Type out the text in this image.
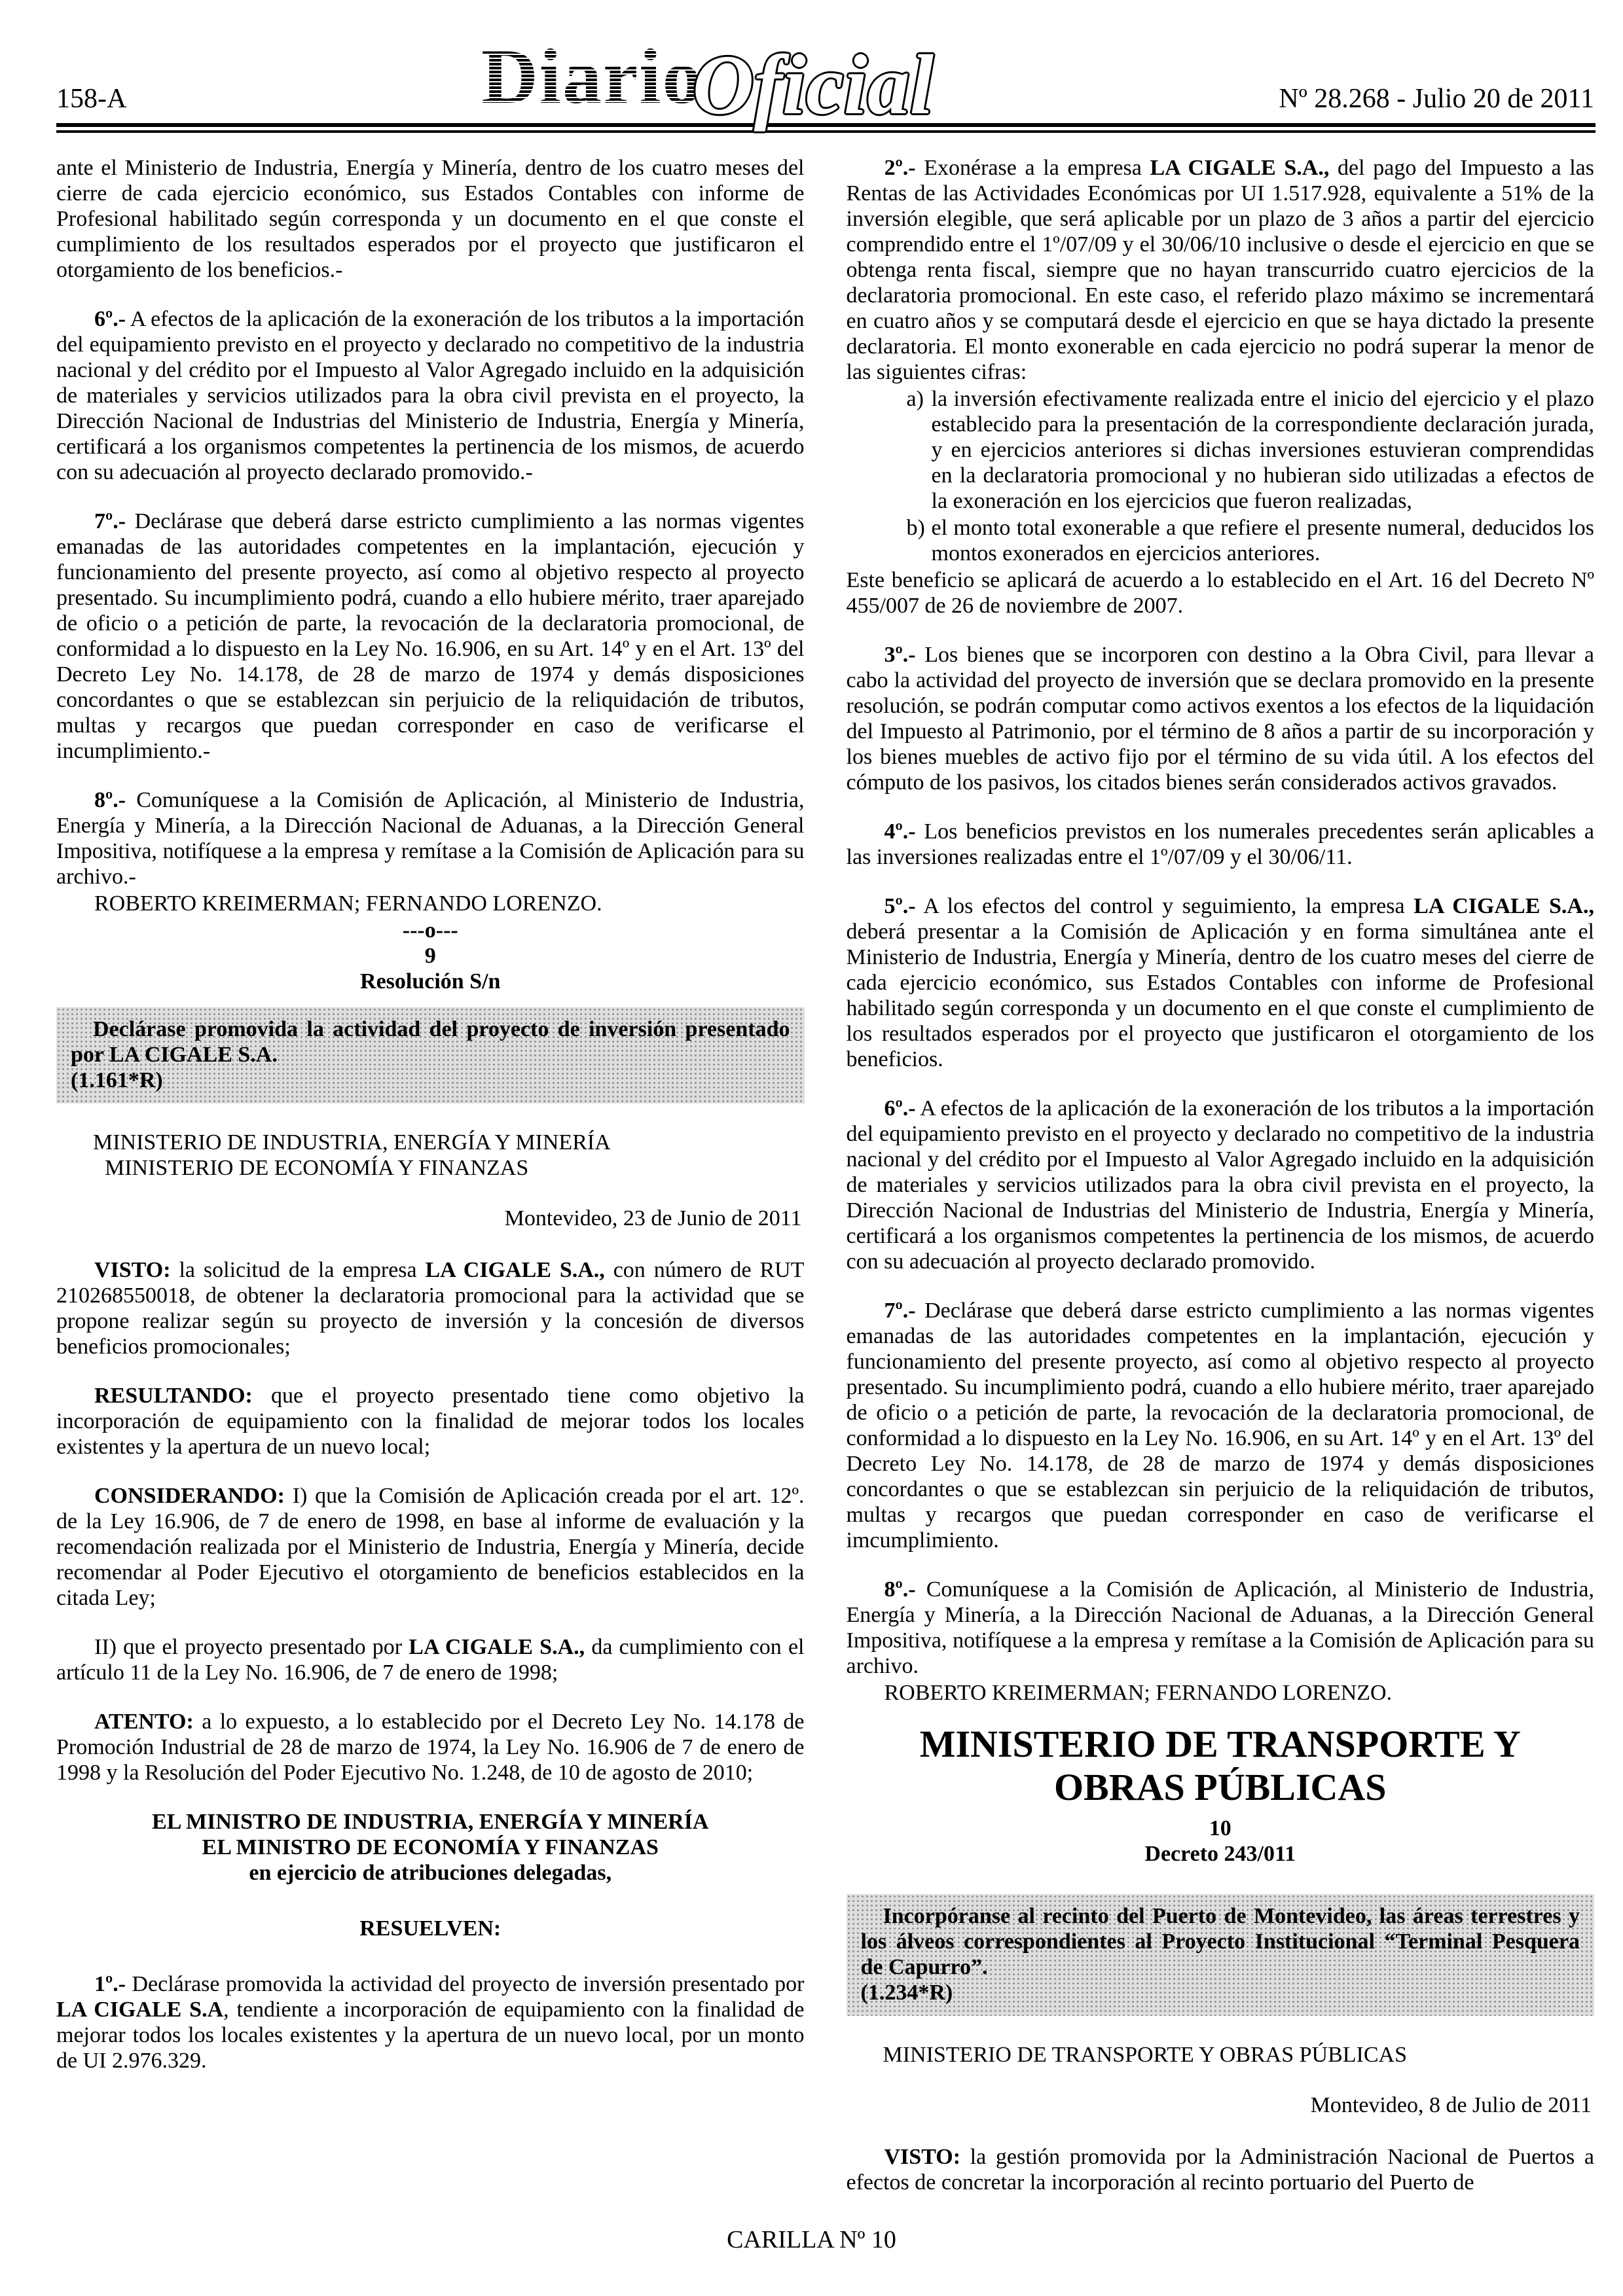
158-A	DiarioOficial	Nº 28.268 - Julio 20 de 2011
ante el Ministerio de Industria, Energía y Minería, dentro de los cuatro meses del cierre de cada ejercicio económico, sus Estados Contables con informe de Profesional habilitado según corresponda y un documento en el que conste el cumplimiento de los resultados esperados por el proyecto que justificaron el otorgamiento de los beneficios.-
6º.- A efectos de la aplicación de la exoneración de los tributos a la importación del equipamiento previsto en el proyecto y declarado no competitivo de la industria nacional y del crédito por el Impuesto al Valor Agregado incluido en la adquisición de materiales y servicios utilizados para la obra civil prevista en el proyecto, la Dirección Nacional de Industrias del Ministerio de Industria, Energía y Minería, certificará a los organismos competentes la pertinencia de los mismos, de acuerdo con su adecuación al proyecto declarado promovido.-
7º.- Declárase que deberá darse estricto cumplimiento a las normas vigentes emanadas de las autoridades competentes en la implantación, ejecución y funcionamiento del presente proyecto, así como al objetivo respecto al proyecto presentado. Su incumplimiento podrá, cuando a ello hubiere mérito, traer aparejado de oficio o a petición de parte, la revocación de la declaratoria promocional, de conformidad a lo dispuesto en la Ley No. 16.906, en su Art. 14º y en el Art. 13º del Decreto Ley No. 14.178, de 28 de marzo de 1974 y demás disposiciones concordantes o que se establezcan sin perjuicio de la reliquidación de tributos, multas y recargos que puedan corresponder en caso de verificarse el incumplimiento.-
8º.- Comuníquese a la Comisión de Aplicación, al Ministerio de Industria, Energía y Minería, a la Dirección Nacional de Aduanas, a la Dirección General Impositiva, notifíquese a la empresa y remítase a la Comisión de Aplicación para su archivo.-
ROBERTO KREIMERMAN; FERNANDO LORENZO.
---o---
9
Resolución S/n
Declárase promovida la actividad del proyecto de inversión presentado por LA CIGALE S.A.
(1.161*R)
MINISTERIO DE INDUSTRIA, ENERGÍA Y MINERÍA
MINISTERIO DE ECONOMÍA Y FINANZAS
Montevideo, 23 de Junio de 2011
VISTO: la solicitud de la empresa LA CIGALE S.A., con número de RUT 210268550018, de obtener la declaratoria promocional para la actividad que se propone realizar según su proyecto de inversión y la concesión de diversos beneficios promocionales;
RESULTANDO: que el proyecto presentado tiene como objetivo la incorporación de equipamiento con la finalidad de mejorar todos los locales existentes y la apertura de un nuevo local;
CONSIDERANDO: I) que la Comisión de Aplicación creada por el art. 12º. de la Ley 16.906, de 7 de enero de 1998, en base al informe de evaluación y la recomendación realizada por el Ministerio de Industria, Energía y Minería, decide recomendar al Poder Ejecutivo el otorgamiento de beneficios establecidos en la citada Ley;
II) que el proyecto presentado por LA CIGALE S.A., da cumplimiento con el artículo 11 de la Ley No. 16.906, de 7 de enero de 1998;
ATENTO: a lo expuesto, a lo establecido por el Decreto Ley No. 14.178 de Promoción Industrial de 28 de marzo de 1974, la Ley No. 16.906 de 7 de enero de 1998 y la Resolución del Poder Ejecutivo No. 1.248, de 10 de agosto de 2010;
EL MINISTRO DE INDUSTRIA, ENERGÍA Y MINERÍA
EL MINISTRO DE ECONOMÍA Y FINANZAS
en ejercicio de atribuciones delegadas,
RESUELVEN:
1º.- Declárase promovida la actividad del proyecto de inversión presentado por LA CIGALE S.A, tendiente a incorporación de equipamiento con la finalidad de mejorar todos los locales existentes y la apertura de un nuevo local, por un monto de UI 2.976.329.
2º.- Exonérase a la empresa LA CIGALE S.A., del pago del Impuesto a las Rentas de las Actividades Económicas por UI 1.517.928, equivalente a 51% de la inversión elegible, que será aplicable por un plazo de 3 años a partir del ejercicio comprendido entre el 1º/07/09 y el 30/06/10 inclusive o desde el ejercicio en que se obtenga renta fiscal, siempre que no hayan transcurrido cuatro ejercicios de la declaratoria promocional. En este caso, el referido plazo máximo se incrementará en cuatro años y se computará desde el ejercicio en que se haya dictado la presente declaratoria. El monto exonerable en cada ejercicio no podrá superar la menor de las siguientes cifras:
a) la inversión efectivamente realizada entre el inicio del ejercicio y el plazo establecido para la presentación de la correspondiente declaración jurada, y en ejercicios anteriores si dichas inversiones estuvieran comprendidas en la declaratoria promocional y no hubieran sido utilizadas a efectos de la exoneración en los ejercicios que fueron realizadas,
b) el monto total exonerable a que refiere el presente numeral, deducidos los montos exonerados en ejercicios anteriores.
Este beneficio se aplicará de acuerdo a lo establecido en el Art. 16 del Decreto Nº 455/007 de 26 de noviembre de 2007.
3º.- Los bienes que se incorporen con destino a la Obra Civil, para llevar a cabo la actividad del proyecto de inversión que se declara promovido en la presente resolución, se podrán computar como activos exentos a los efectos de la liquidación del Impuesto al Patrimonio, por el término de 8 años a partir de su incorporación y los bienes muebles de activo fijo por el término de su vida útil. A los efectos del cómputo de los pasivos, los citados bienes serán considerados activos gravados.
4º.- Los beneficios previstos en los numerales precedentes serán aplicables a las inversiones realizadas entre el 1º/07/09 y el 30/06/11.
5º.- A los efectos del control y seguimiento, la empresa LA CIGALE S.A., deberá presentar a la Comisión de Aplicación y en forma simultánea ante el Ministerio de Industria, Energía y Minería, dentro de los cuatro meses del cierre de cada ejercicio económico, sus Estados Contables con informe de Profesional habilitado según corresponda y un documento en el que conste el cumplimiento de los resultados esperados por el proyecto que justificaron el otorgamiento de los beneficios.
6º.- A efectos de la aplicación de la exoneración de los tributos a la importación del equipamiento previsto en el proyecto y declarado no competitivo de la industria nacional y del crédito por el Impuesto al Valor Agregado incluido en la adquisición de materiales y servicios utilizados para la obra civil prevista en el proyecto, la Dirección Nacional de Industrias del Ministerio de Industria, Energía y Minería, certificará a los organismos competentes la pertinencia de los mismos, de acuerdo con su adecuación al proyecto declarado promovido.
7º.- Declárase que deberá darse estricto cumplimiento a las normas vigentes emanadas de las autoridades competentes en la implantación, ejecución y funcionamiento del presente proyecto, así como al objetivo respecto al proyecto presentado. Su incumplimiento podrá, cuando a ello hubiere mérito, traer aparejado de oficio o a petición de parte, la revocación de la declaratoria promocional, de conformidad a lo dispuesto en la Ley No. 16.906, en su Art. 14º y en el Art. 13º del Decreto Ley No. 14.178, de 28 de marzo de 1974 y demás disposiciones concordantes o que se establezcan sin perjuicio de la reliquidación de tributos, multas y recargos que puedan corresponder en caso de verificarse el imcumplimiento.
8º.- Comuníquese a la Comisión de Aplicación, al Ministerio de Industria, Energía y Minería, a la Dirección Nacional de Aduanas, a la Dirección General Impositiva, notifíquese a la empresa y remítase a la Comisión de Aplicación para su archivo.
ROBERTO KREIMERMAN; FERNANDO LORENZO.
MINISTERIO DE TRANSPORTE Y OBRAS PÚBLICAS
10
Decreto 243/011
Incorpóranse al recinto del Puerto de Montevideo, las áreas terrestres y los álveos correspondientes al Proyecto Institucional “Terminal Pesquera de Capurro”.
(1.234*R)
MINISTERIO DE TRANSPORTE Y OBRAS PÚBLICAS
Montevideo, 8 de Julio de 2011
VISTO: la gestión promovida por la Administración Nacional de Puertos a efectos de concretar la incorporación al recinto portuario del Puerto de
CARILLA Nº 10
